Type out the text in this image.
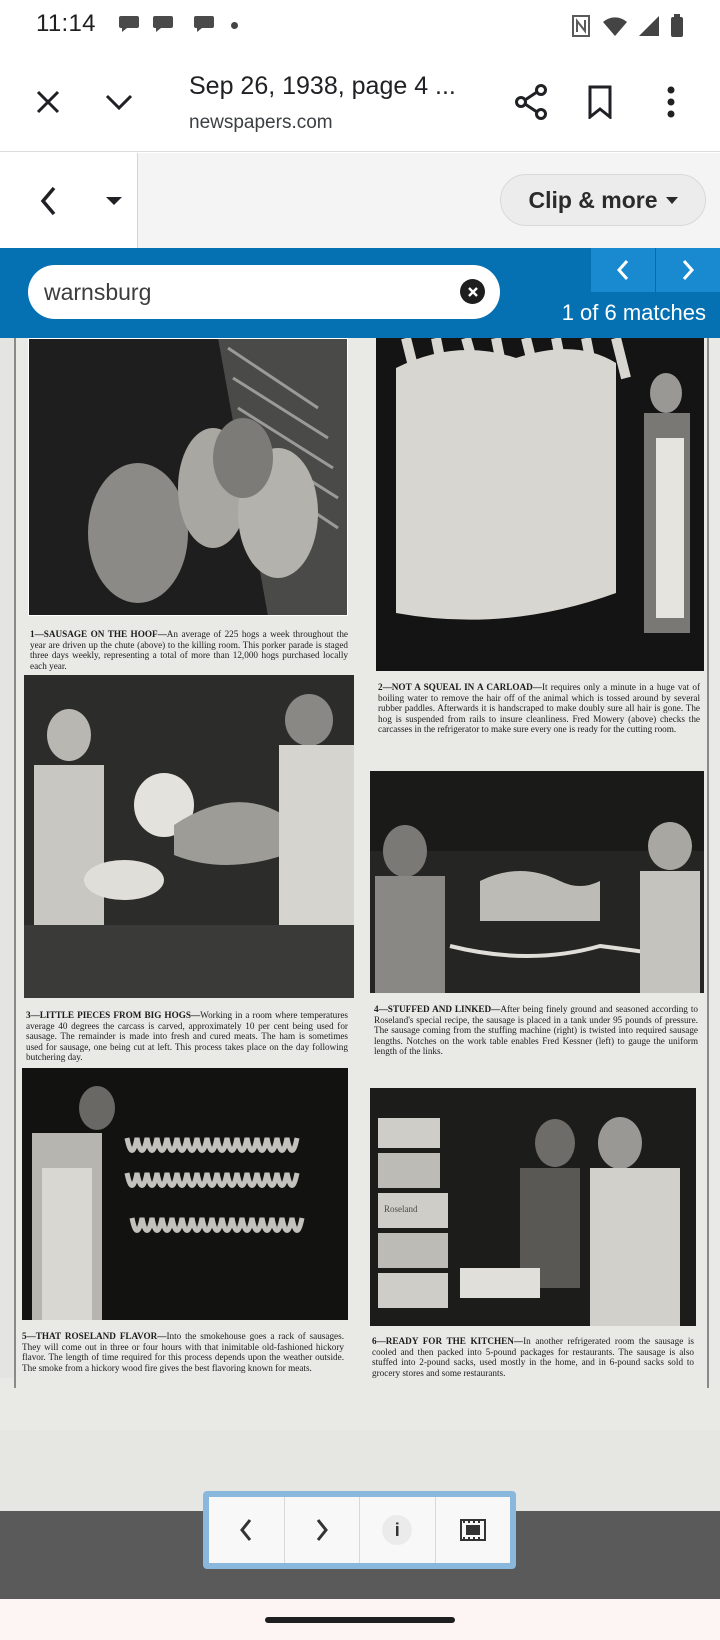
11:14
Sep 26, 1938, page 4 ...
newspapers.com
Clip & more
warnsburg
1 of 6 matches
1—SAUSAGE ON THE HOOF—An average of 225 hogs a week throughout the year are driven up the chute (above) to the killing room. This porker parade is staged three days weekly, representing a total of more than 12,000 hogs purchased locally each year.
2—NOT A SQUEAL IN A CARLOAD—It requires only a minute in a huge vat of boiling water to remove the hair off of the animal which is tossed around by several rubber paddles. Afterwards it is handscraped to make doubly sure all hair is gone. The hog is suspended from rails to insure cleanliness. Fred Mowery (above) checks the carcasses in the refrigerator to make sure every one is ready for the cutting room.
3—LITTLE PIECES FROM BIG HOGS—Working in a room where temperatures average 40 degrees the carcass is carved, approximately 10 per cent being used for sausage. The remainder is made into fresh and cured meats. The ham is sometimes used for sausage, one being cut at left. This process takes place on the day following butchering day.
4—STUFFED AND LINKED—After being finely ground and seasoned according to Roseland's special recipe, the sausage is placed in a tank under 95 pounds of pressure. The sausage coming from the stuffing machine (right) is twisted into required sausage lengths. Notches on the work table enables Fred Kessner (left) to gauge the uniform length of the links.
5—THAT ROSELAND FLAVOR—Into the smokehouse goes a rack of sausages. They will come out in three or four hours with that inimitable old-fashioned hickory flavor. The length of time required for this process depends upon the weather outside. The smoke from a hickory wood fire gives the best flavoring known for meats.
Roseland
6—READY FOR THE KITCHEN—In another refrigerated room the sausage is cooled and then packed into 5-pound packages for restaurants. The sausage is also stuffed into 2-pound sacks, used mostly in the home, and in 6-pound sacks sold to grocery stores and some restaurants.
i
